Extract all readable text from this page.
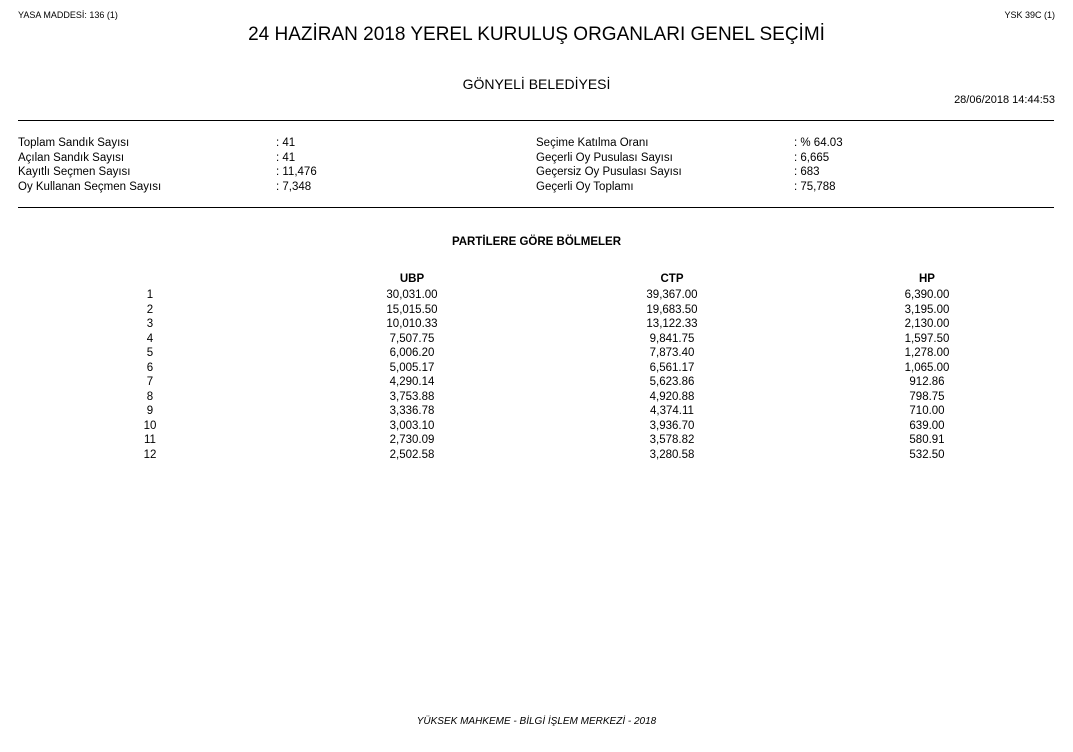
YASA MADDESİ: 136 (1)	YSK 39C (1)
24 HAZİRAN 2018 YEREL KURULUŞ ORGANLARI GENEL SEÇİMİ
GÖNYELİ BELEDİYESİ
28/06/2018 14:44:53
Toplam Sandık Sayısı	: 41
Açılan Sandık Sayısı	: 41
Kayıtlı Seçmen Sayısı	: 11,476
Oy Kullanan Seçmen Sayısı	: 7,348
Seçime Katılma Oranı	: % 64.03
Geçerli Oy Pusulası Sayısı	: 6,665
Geçersiz Oy Pusulası Sayısı	: 683
Geçerli Oy Toplamı	: 75,788
PARTİLERE GÖRE BÖLMELER
	UBP	CTP	HP
1	30,031.00	39,367.00	6,390.00
2	15,015.50	19,683.50	3,195.00
3	10,010.33	13,122.33	2,130.00
4	7,507.75	9,841.75	1,597.50
5	6,006.20	7,873.40	1,278.00
6	5,005.17	6,561.17	1,065.00
7	4,290.14	5,623.86	912.86
8	3,753.88	4,920.88	798.75
9	3,336.78	4,374.11	710.00
10	3,003.10	3,936.70	639.00
11	2,730.09	3,578.82	580.91
12	2,502.58	3,280.58	532.50
YÜKSEK MAHKEME - BİLGİ İŞLEM MERKEZİ - 2018
